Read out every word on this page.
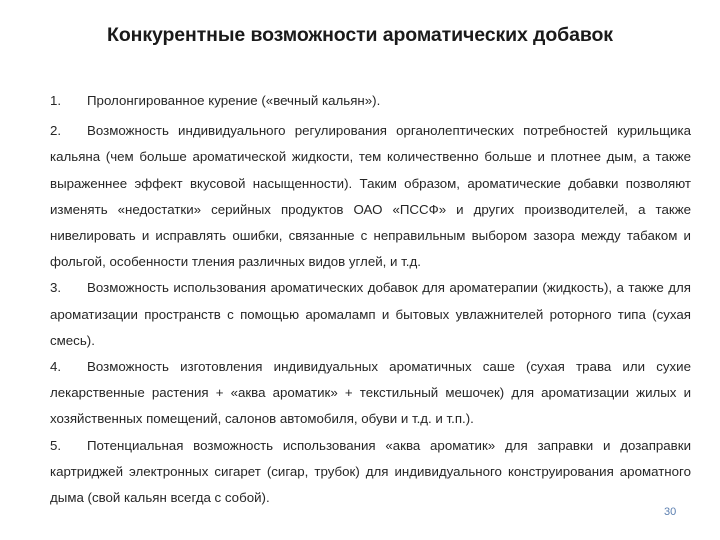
Конкурентные возможности ароматических добавок

1. Пролонгированное курение («вечный кальян»).

2. Возможность индивидуального регулирования органолептических потребностей курильщика кальяна (чем больше ароматической жидкости, тем количественно больше и плотнее дым, а также выраженнее эффект вкусовой насыщенности). Таким образом, ароматические добавки позволяют изменять «недостатки» серийных продуктов ОАО «ПССФ» и других производителей, а также нивелировать и исправлять ошибки, связанные с неправильным выбором зазора между табаком и фольгой, особенности тления различных видов углей, и т.д.

3. Возможность использования ароматических добавок для ароматерапии (жидкость), а также для ароматизации пространств с помощью аромалaмп и бытовых увлажнителей роторного типа (сухая смесь).

4. Возможность изготовления индивидуальных ароматичных саше (сухая трава или сухие лекарственные растения + «аква ароматик» + текстильный мешочек) для ароматизации жилых и хозяйственных помещений, салонов автомобиля, обуви и т.д. и т.п.).

5. Потенциальная возможность использования «аква ароматик» для заправки и дозаправки картриджей электронных сигарет (сигар, трубок) для индивидуального конструирования ароматного дыма (свой кальян всегда с собой).

30
